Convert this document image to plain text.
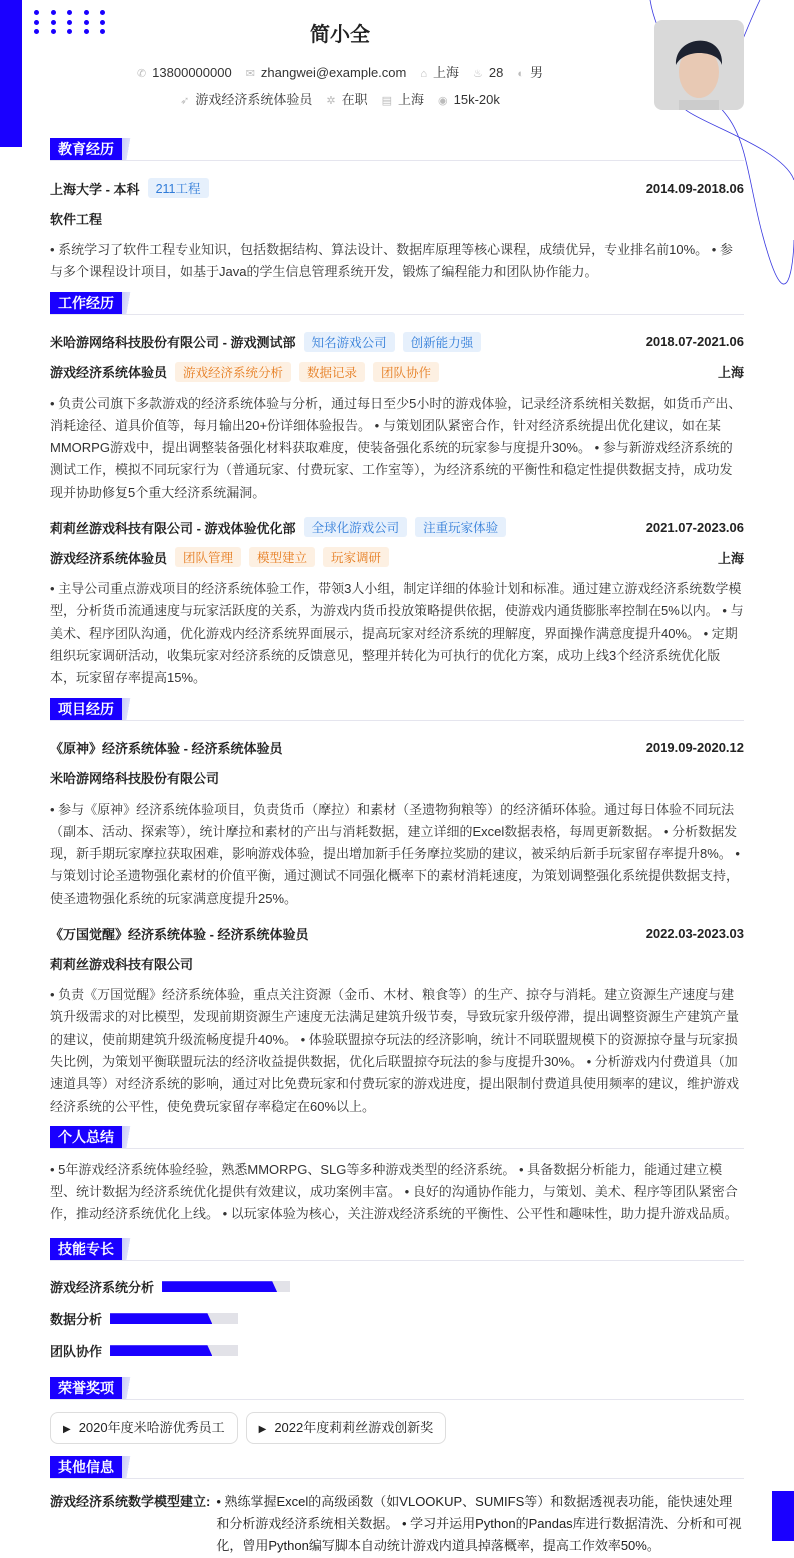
简小全
✆ 13800000000 ✉ zhangwei@example.com ⌂ 上海 ♨ 28 ◐ 男
➶ 游戏经济系统体验员 ✲ 在职 ▤ 上海 ◉ 15k-20k
教育经历
上海大学 - 本科	211工程	2014.09-2018.06
软件工程
• 系统学习了软件工程专业知识，包括数据结构、算法设计、数据库原理等核心课程，成绩优异，专业排名前10%。 • 参与多个课程设计项目，如基于Java的学生信息管理系统开发，锻炼了编程能力和团队协作能力。
工作经历
米哈游网络科技股份有限公司 - 游戏测试部	知名游戏公司	创新能力强	2018.07-2021.06
游戏经济系统体验员	游戏经济系统分析	数据记录	团队协作	上海
• 负责公司旗下多款游戏的经济系统体验与分析，通过每日至少5小时的游戏体验，记录经济系统相关数据，如货币产出、消耗途径、道具价值等，每月输出20+份详细体验报告。 • 与策划团队紧密合作，针对经济系统提出优化建议，如在某MMORPG游戏中，提出调整装备强化材料获取难度，使装备强化系统的玩家参与度提升30%。 • 参与新游戏经济系统的测试工作，模拟不同玩家行为（普通玩家、付费玩家、工作室等），为经济系统的平衡性和稳定性提供数据支持，成功发现并协助修复5个重大经济系统漏洞。
莉莉丝游戏科技有限公司 - 游戏体验优化部	全球化游戏公司	注重玩家体验	2021.07-2023.06
游戏经济系统体验员	团队管理	模型建立	玩家调研	上海
• 主导公司重点游戏项目的经济系统体验工作，带领3人小组，制定详细的体验计划和标准。通过建立游戏经济系统数学模型，分析货币流通速度与玩家活跃度的关系，为游戏内货币投放策略提供依据，使游戏内通货膨胀率控制在5%以内。 • 与美术、程序团队沟通，优化游戏内经济系统界面展示，提高玩家对经济系统的理解度，界面操作满意度提升40%。 • 定期组织玩家调研活动，收集玩家对经济系统的反馈意见，整理并转化为可执行的优化方案，成功上线3个经济系统优化版本，玩家留存率提高15%。
项目经历
《原神》经济系统体验 - 经济系统体验员	2019.09-2020.12
米哈游网络科技股份有限公司
• 参与《原神》经济系统体验项目，负责货币（摩拉）和素材（圣遗物狗粮等）的经济循环体验。通过每日体验不同玩法（副本、活动、探索等），统计摩拉和素材的产出与消耗数据，建立详细的Excel数据表格，每周更新数据。 • 分析数据发现，新手期玩家摩拉获取困难，影响游戏体验，提出增加新手任务摩拉奖励的建议，被采纳后新手玩家留存率提升8%。 • 与策划讨论圣遗物强化素材的价值平衡，通过测试不同强化概率下的素材消耗速度，为策划调整强化系统提供数据支持，使圣遗物强化系统的玩家满意度提升25%。
《万国觉醒》经济系统体验 - 经济系统体验员	2022.03-2023.03
莉莉丝游戏科技有限公司
• 负责《万国觉醒》经济系统体验，重点关注资源（金币、木材、粮食等）的生产、掠夺与消耗。建立资源生产速度与建筑升级需求的对比模型，发现前期资源生产速度无法满足建筑升级节奏，导致玩家升级停滞，提出调整资源生产建筑产量的建议，使前期建筑升级流畅度提升40%。 • 体验联盟掠夺玩法的经济影响，统计不同联盟规模下的资源掠夺量与玩家损失比例，为策划平衡联盟玩法的经济收益提供数据，优化后联盟掠夺玩法的参与度提升30%。 • 分析游戏内付费道具（加速道具等）对经济系统的影响，通过对比免费玩家和付费玩家的游戏进度，提出限制付费道具使用频率的建议，维护游戏经济系统的公平性，使免费玩家留存率稳定在60%以上。
个人总结
• 5年游戏经济系统体验经验，熟悉MMORPG、SLG等多种游戏类型的经济系统。 • 具备数据分析能力，能通过建立模型、统计数据为经济系统优化提供有效建议，成功案例丰富。 • 良好的沟通协作能力，与策划、美术、程序等团队紧密合作，推动经济系统优化上线。 • 以玩家体验为核心，关注游戏经济系统的平衡性、公平性和趣味性，助力提升游戏品质。
技能专长
游戏经济系统分析
数据分析
团队协作
荣誉奖项
▶ 2020年度米哈游优秀员工	▶ 2022年度莉莉丝游戏创新奖
其他信息
游戏经济系统数学模型建立: • 熟练掌握Excel的高级函数（如VLOOKUP、SUMIFS等）和数据透视表功能，能快速处理和分析游戏经济系统相关数据。 • 学习并运用Python的Pandas库进行数据清洗、分析和可视化，曾用Python编写脚本自动统计游戏内道具掉落概率，提高工作效率50%。
